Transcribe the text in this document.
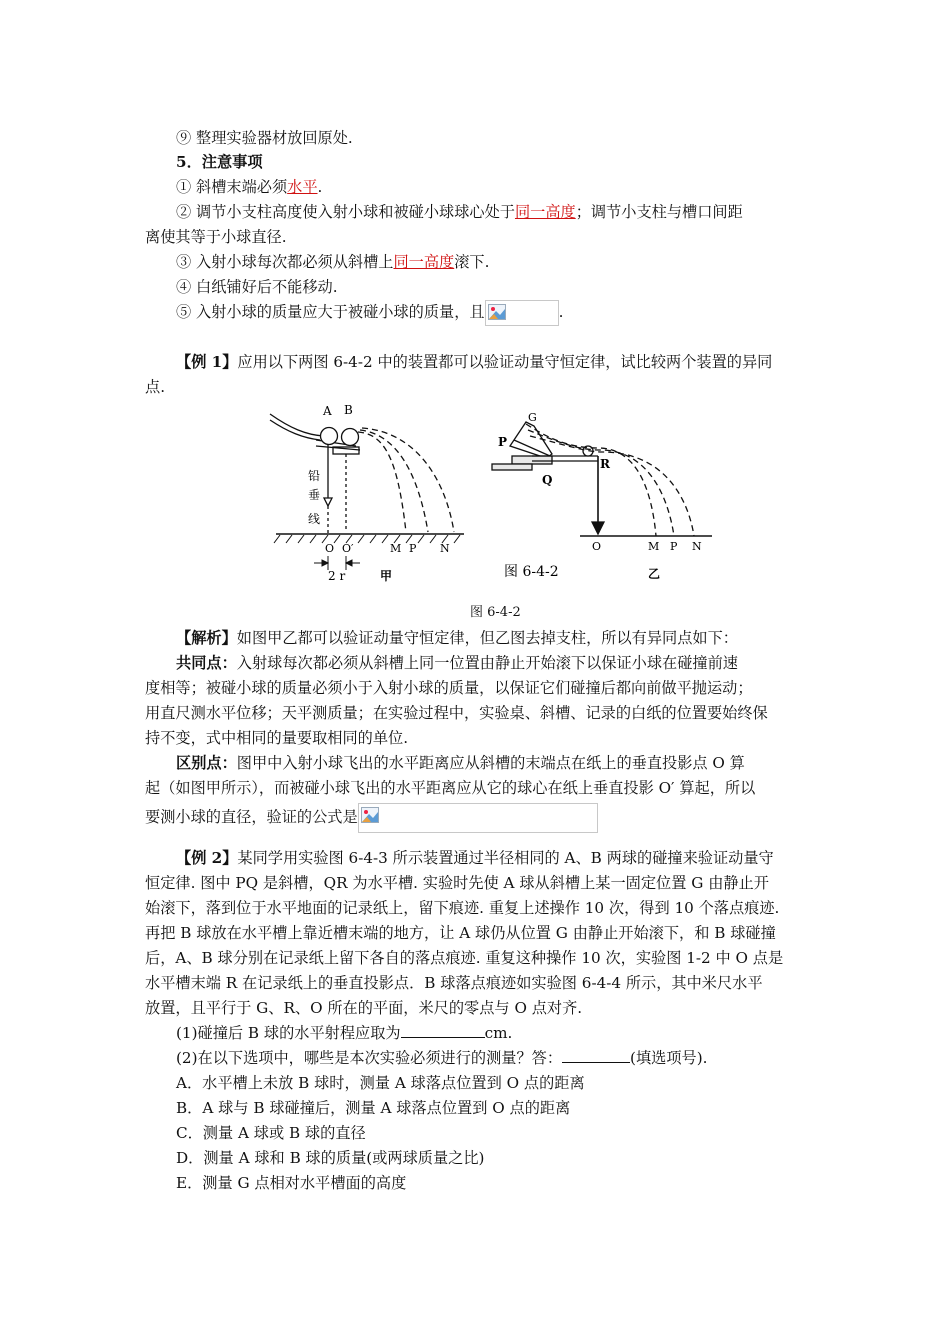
⑨ 整理实验器材放回原处.
5．注意事项
① 斜槽末端必须水平.
② 调节小支柱高度使入射小球和被碰小球球心处于同一高度；调节小支柱与槽口间距
离使其等于小球直径.
③ 入射小球每次都必须从斜槽上同一高度滚下.
④ 白纸铺好后不能移动.
⑤ 入射小球的质量应大于被碰小球的质量，且	.
【例 1】应用以下两图 6-4-2 中的装置都可以验证动量守恒定律，试比较两个装置的异同
点.
A B
铅
垂
线
O O′	M P N
2 r	甲
G
P
R
Q
O	M P N
图 6-4-2	乙
图 6-4-2
【解析】如图甲乙都可以验证动量守恒定律，但乙图去掉支柱，所以有异同点如下：
共同点：入射球每次都必须从斜槽上同一位置由静止开始滚下以保证小球在碰撞前速
度相等；被碰小球的质量必须小于入射小球的质量，以保证它们碰撞后都向前做平抛运动；
用直尺测水平位移；天平测质量；在实验过程中，实验桌、斜槽、记录的白纸的位置要始终保
持不变，式中相同的量要取相同的单位.
区别点：图甲中入射小球飞出的水平距离应从斜槽的末端点在纸上的垂直投影点 O 算
起（如图甲所示），而被碰小球飞出的水平距离应从它的球心在纸上垂直投影 O′ 算起，所以
要测小球的直径，验证的公式是
【例 2】某同学用实验图 6-4-3 所示装置通过半径相同的 A、B 两球的碰撞来验证动量守
恒定律. 图中 PQ 是斜槽，QR 为水平槽. 实验时先使 A 球从斜槽上某一固定位置 G 由静止开
始滚下，落到位于水平地面的记录纸上，留下痕迹. 重复上述操作 10 次，得到 10 个落点痕迹.
再把 B 球放在水平槽上靠近槽末端的地方，让 A 球仍从位置 G 由静止开始滚下，和 B 球碰撞
后，A、B 球分别在记录纸上留下各自的落点痕迹. 重复这种操作 10 次，实验图 1-2 中 O 点是
水平槽末端 R 在记录纸上的垂直投影点．B 球落点痕迹如实验图 6-4-4 所示，其中米尺水平
放置，且平行于 G、R、O 所在的平面，米尺的零点与 O 点对齐.
(1)碰撞后 B 球的水平射程应取为	cm.
(2)在以下选项中，哪些是本次实验必须进行的测量？答：	(填选项号).
A．水平槽上未放 B 球时，测量 A 球落点位置到 O 点的距离
B．A 球与 B 球碰撞后，测量 A 球落点位置到 O 点的距离
C．测量 A 球或 B 球的直径
D．测量 A 球和 B 球的质量(或两球质量之比)
E．测量 G 点相对水平槽面的高度
